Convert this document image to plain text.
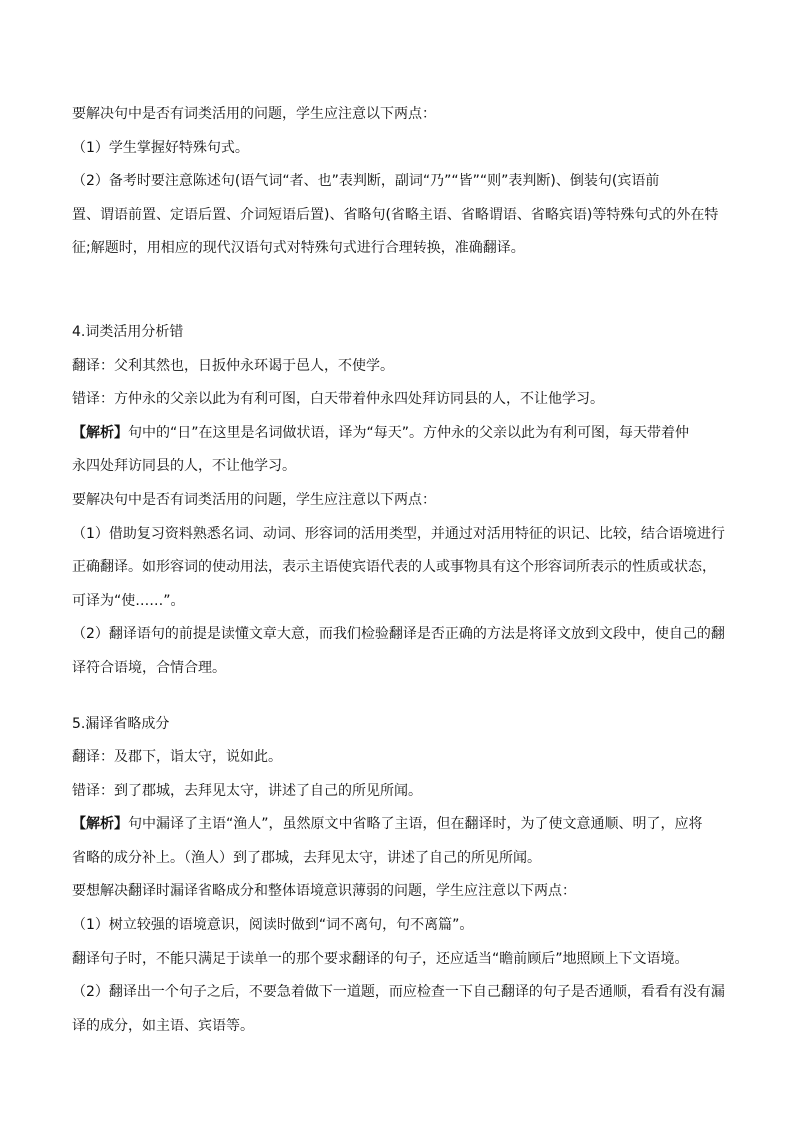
要解决句中是否有词类活用的问题，学生应注意以下两点：

（1）学生掌握好特殊句式。

（2）备考时要注意陈述句(语气词“者、也”表判断，副词“乃”“皆”“则”表判断)、倒装句(宾语前

置、谓语前置、定语后置、介词短语后置)、省略句(省略主语、省略谓语、省略宾语)等特殊句式的外在特

征;解题时，用相应的现代汉语句式对特殊句式进行合理转换，准确翻译。

4.词类活用分析错

翻译：父利其然也，日扳仲永环谒于邑人，不使学。

错译：方仲永的父亲以此为有利可图，白天带着仲永四处拜访同县的人，不让他学习。

【解析】句中的“日”在这里是名词做状语，译为“每天”。方仲永的父亲以此为有利可图，每天带着仲

永四处拜访同县的人，不让他学习。

要解决句中是否有词类活用的问题，学生应注意以下两点：

（1）借助复习资料熟悉名词、动词、形容词的活用类型，并通过对活用特征的识记、比较，结合语境进行

正确翻译。如形容词的使动用法，表示主语使宾语代表的人或事物具有这个形容词所表示的性质或状态，

可译为“使……”。

（2）翻译语句的前提是读懂文章大意，而我们检验翻译是否正确的方法是将译文放到文段中，使自己的翻

译符合语境，合情合理。

5.漏译省略成分

翻译：及郡下，诣太守，说如此。

错译：到了郡城，去拜见太守，讲述了自己的所见所闻。

【解析】句中漏译了主语“渔人”，虽然原文中省略了主语，但在翻译时，为了使文意通顺、明了，应将

省略的成分补上。（渔人）到了郡城，去拜见太守，讲述了自己的所见所闻。

要想解决翻译时漏译省略成分和整体语境意识薄弱的问题，学生应注意以下两点：

（1）树立较强的语境意识，阅读时做到“词不离句，句不离篇”。

翻译句子时，不能只满足于读单一的那个要求翻译的句子，还应适当“瞻前顾后”地照顾上下文语境。

（2）翻译出一个句子之后，不要急着做下一道题，而应检查一下自己翻译的句子是否通顺，看看有没有漏

译的成分，如主语、宾语等。
